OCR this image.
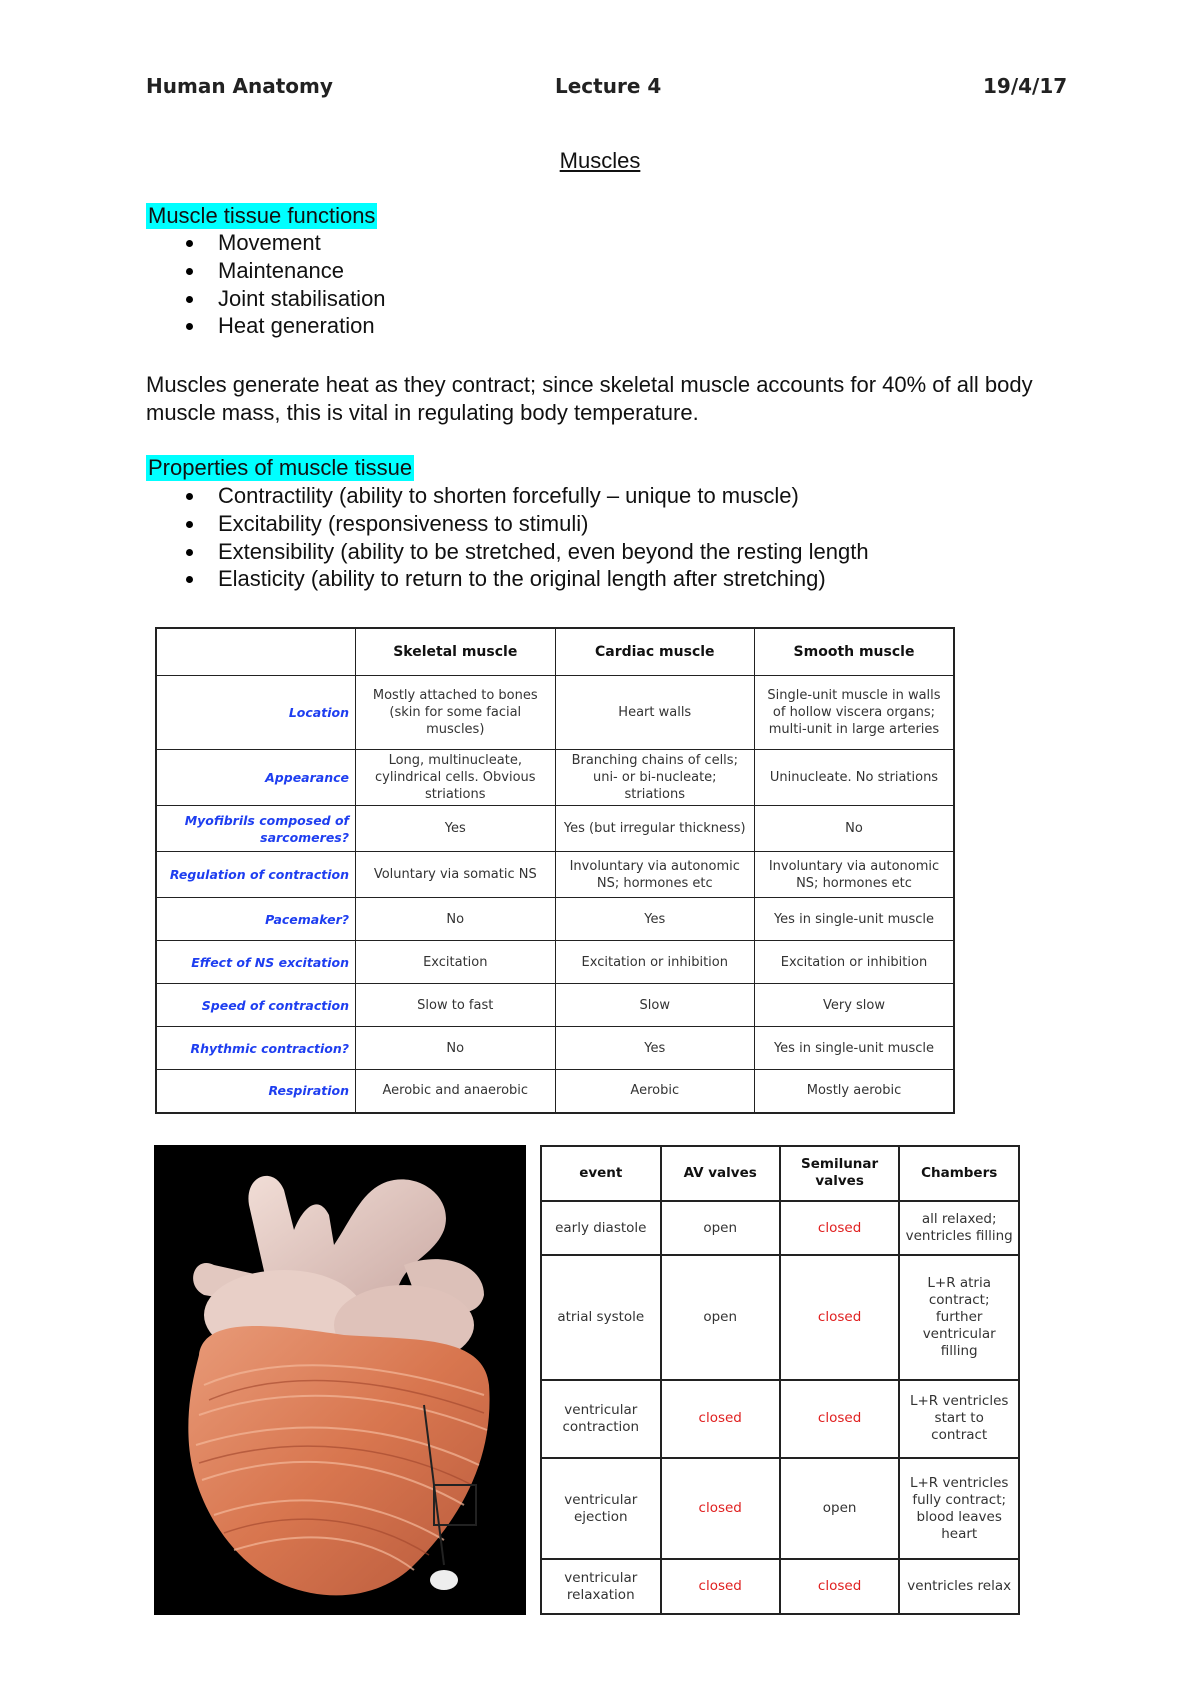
Human Anatomy	Lecture 4	19/4/17
Muscles
Muscle tissue functions
Movement
Maintenance
Joint stabilisation
Heat generation
Muscles generate heat as they contract; since skeletal muscle accounts for 40% of all body muscle mass, this is vital in regulating body temperature.
Properties of muscle tissue
Contractility (ability to shorten forcefully – unique to muscle)
Excitability (responsiveness to stimuli)
Extensibility (ability to be stretched, even beyond the resting length
Elasticity (ability to return to the original length after stretching)
	Skeletal muscle	Cardiac muscle	Smooth muscle
Location	Mostly attached to bones (skin for some facial muscles)	Heart walls	Single-unit muscle in walls of hollow viscera organs; multi-unit in large arteries
Appearance	Long, multinucleate, cylindrical cells. Obvious striations	Branching chains of cells; uni- or bi-nucleate; striations	Uninucleate. No striations
Myofibrils composed of sarcomeres?	Yes	Yes (but irregular thickness)	No
Regulation of contraction	Voluntary via somatic NS	Involuntary via autonomic NS; hormones etc	Involuntary via autonomic NS; hormones etc
Pacemaker?	No	Yes	Yes in single-unit muscle
Effect of NS excitation	Excitation	Excitation or inhibition	Excitation or inhibition
Speed of contraction	Slow to fast	Slow	Very slow
Rhythmic contraction?	No	Yes	Yes in single-unit muscle
Respiration	Aerobic and anaerobic	Aerobic	Mostly aerobic
event	AV valves	Semilunar valves	Chambers
early diastole	open	closed	all relaxed; ventricles filling
atrial systole	open	closed	L+R atria contract; further ventricular filling
ventricular contraction	closed	closed	L+R ventricles start to contract
ventricular ejection	closed	open	L+R ventricles fully contract; blood leaves heart
ventricular relaxation	closed	closed	ventricles relax
